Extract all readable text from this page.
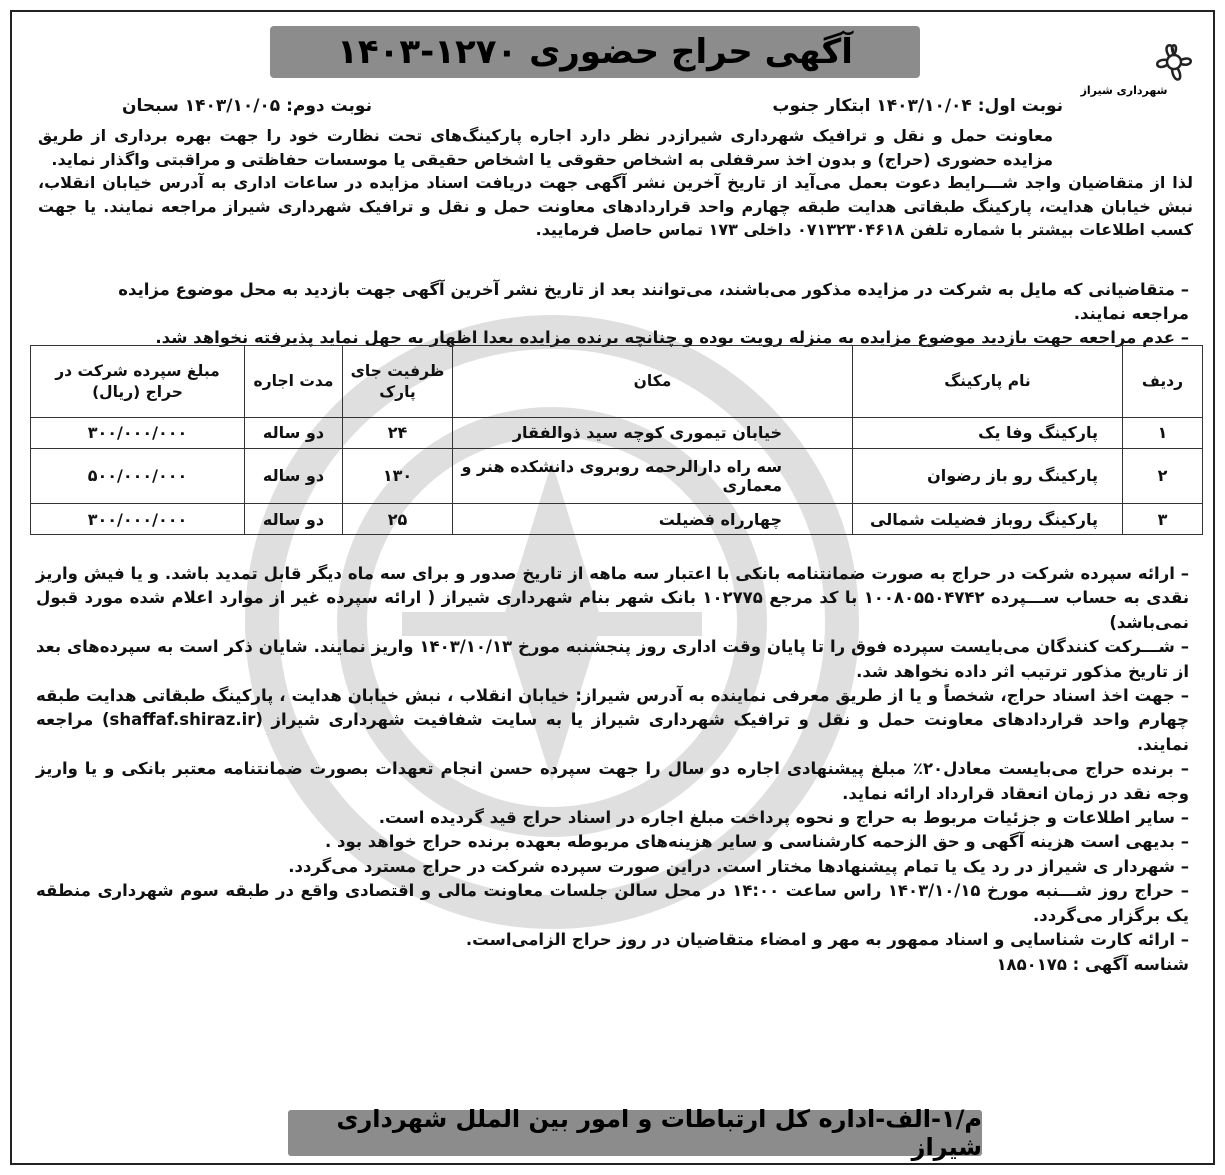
شهرداری شیراز
آگهی حراج حضوری ۱۲۷۰-۱۴۰۳
نوبت اول: ۱۴۰۳/۱۰/۰۴ ابتکار جنوب
نوبت دوم: ۱۴۰۳/۱۰/۰۵ سبحان

معاونت حمل و نقل و ترافیک شهرداری شیرازدر نظر دارد اجاره پارکینگ‌های تحت نظارت خود را جهت بهره برداری از طریق مزایده حضوری (حراج) و بدون اخذ سرقفلی به اشخاص حقوقی یا اشخاص حقیقی یا موسسات حفاظتی و مراقبتی واگذار نماید.

لذا از متقاضیان واجد شـــرایط دعوت بعمل می‌آید از تاریخ آخرین نشر آگهی جهت دریافت اسناد مزایده در ساعات اداری به آدرس خیابان انقلاب، نبش خیابان هدایت، پارکینگ طبقاتی هدایت طبقه چهارم واحد قراردادهای معاونت حمل و نقل و ترافیک شهرداری شیراز مراجعه نمایند. یا جهت کسب اطلاعات بیشتر با شماره تلفن ۰۷۱۳۲۳۰۴۶۱۸ داخلی ۱۷۳ تماس حاصل فرمایید.

– متقاضیانی که مایل به شرکت در مزایده مذکور می‌باشند، می‌توانند بعد از تاریخ نشر آخرین آگهی جهت بازدید به محل موضوع مزایده مراجعه نمایند.

– عدم مراجعه جهت بازدید موضوع مزایده به منزله رویت بوده و چنانچه برنده مزایده بعدا اظهار به جهل نماید پذیرفته نخواهد شد.

ردیف	نام پارکینگ	مکان	ظرفیت جای پارک	مدت اجاره	مبلغ سپرده شرکت در حراج (ریال)
۱	پارکینگ وفا یک	خیابان تیموری کوچه سید ذوالفقار	۲۴	دو ساله	۳۰۰/۰۰۰/۰۰۰
۲	پارکینگ رو باز رضوان	سه راه دارالرحمه روبروی دانشکده هنر و معماری	۱۳۰	دو ساله	۵۰۰/۰۰۰/۰۰۰
۳	پارکینگ روباز فضیلت شمالی	چهارراه فضیلت	۲۵	دو ساله	۳۰۰/۰۰۰/۰۰۰

– ارائه سپرده شرکت در حراج به صورت ضمانتنامه بانکی با اعتبار سه ماهه از تاریخ صدور و برای سه ماه دیگر قابل تمدید باشد. و یا فیش واریز نقدی به حساب ســـپرده ۱۰۰۸۰۵۵۰۴۷۴۲ با کد مرجع ۱۰۲۷۷۵ بانک شهر بنام شهرداری شیراز ( ارائه سپرده غیر از موارد اعلام شده مورد قبول نمی‌باشد)

– شـــرکت کنندگان می‌بایست سپرده فوق را تا پایان وقت اداری روز پنجشنبه مورخ ۱۴۰۳/۱۰/۱۳ واریز نمایند. شایان ذکر است به سپرده‌های بعد از تاریخ مذکور ترتیب اثر داده نخواهد شد.

– جهت اخذ اسناد حراج، شخصاً و یا از طریق معرفی نماینده به آدرس شیراز: خیابان انقلاب ، نبش خیابان هدایت ، پارکینگ طبقاتی هدایت طبقه چهارم واحد قراردادهای معاونت حمل و نقل و ترافیک شهرداری شیراز یا به سایت شفافیت شهرداری شیراز (shaffaf.shiraz.ir) مراجعه نمایند.

– برنده حراج می‌بایست معادل۲۰٪ مبلغ پیشنهادی اجاره دو سال را جهت سپرده حسن انجام تعهدات بصورت ضمانتنامه معتبر بانکی و یا واریز وجه نقد در زمان انعقاد قرارداد ارائه نماید.

– سایر اطلاعات و جزئیات مربوط به حراج و نحوه پرداخت مبلغ اجاره در اسناد حراج قید گردیده است.

– بدیهی است هزینه آگهی و حق الزحمه کارشناسی و سایر هزینه‌های مربوطه بعهده برنده حراج خواهد بود .

– شهردار ی شیراز در رد یک یا تمام پیشنهادها مختار است. دراین صورت سپرده شرکت در حراج مسترد می‌گردد.

– حراج روز شـــنبه مورخ ۱۴۰۳/۱۰/۱۵ راس ساعت ۱۴:۰۰ در محل سالن جلسات معاونت مالی و اقتصادی واقع در طبقه سوم شهرداری منطقه یک برگزار می‌گردد.

– ارائه کارت شناسایی و اسناد ممهور به مهر و امضاء متقاضیان در روز حراج الزامی‌است.

شناسه آگهی : ۱۸۵۰۱۷۵

م/۱-الف-اداره کل ارتباطات و امور بین الملل شهرداری شیراز
